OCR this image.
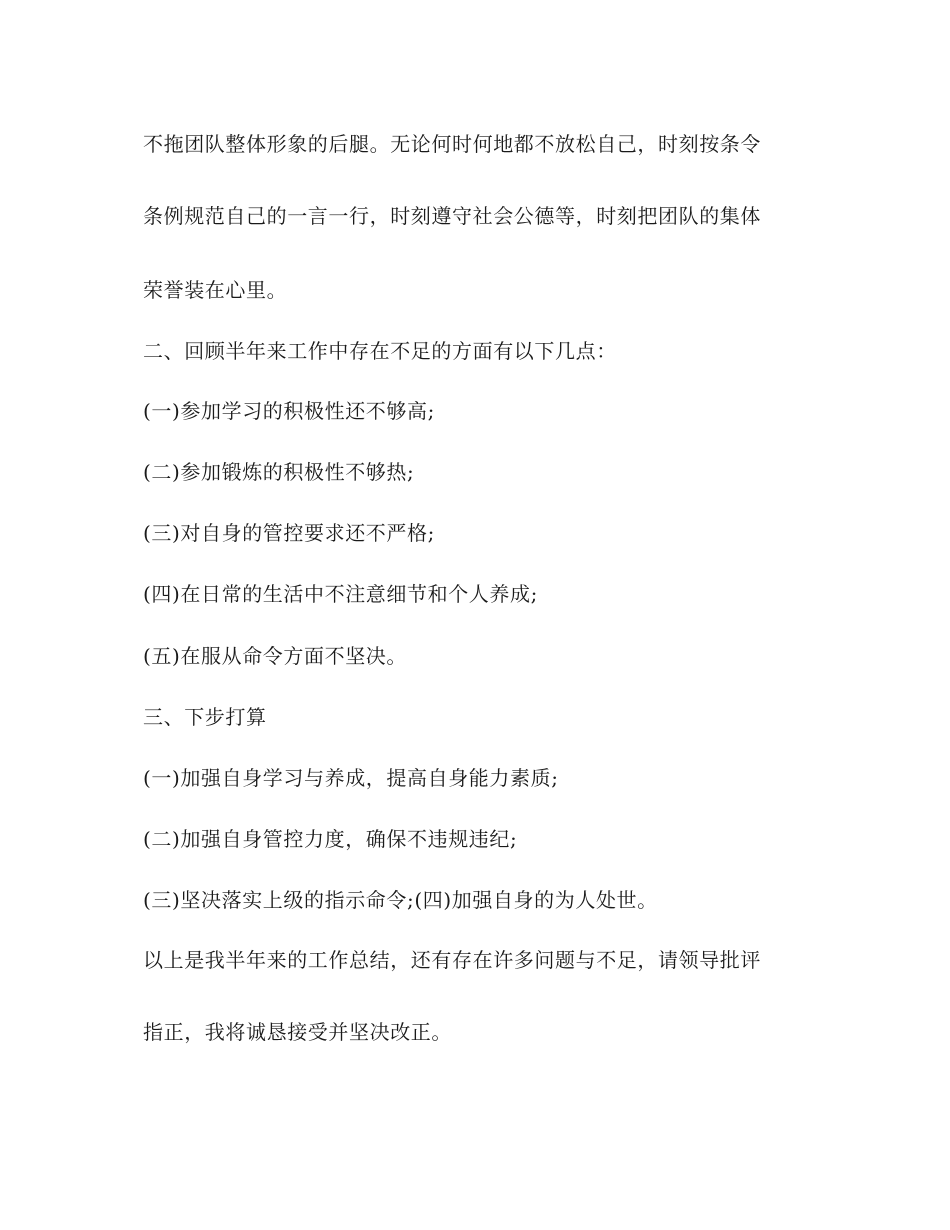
不拖团队整体形象的后腿。无论何时何地都不放松自己，时刻按条令
条例规范自己的一言一行，时刻遵守社会公德等，时刻把团队的集体
荣誉装在心里。
二、回顾半年来工作中存在不足的方面有以下几点：
(一)参加学习的积极性还不够高;
(二)参加锻炼的积极性不够热;
(三)对自身的管控要求还不严格;
(四)在日常的生活中不注意细节和个人养成;
(五)在服从命令方面不坚决。
三、下步打算
(一)加强自身学习与养成，提高自身能力素质;
(二)加强自身管控力度，确保不违规违纪;
(三)坚决落实上级的指示命令;(四)加强自身的为人处世。
以上是我半年来的工作总结，还有存在许多问题与不足，请领导批评
指正，我将诚恳接受并坚决改正。
